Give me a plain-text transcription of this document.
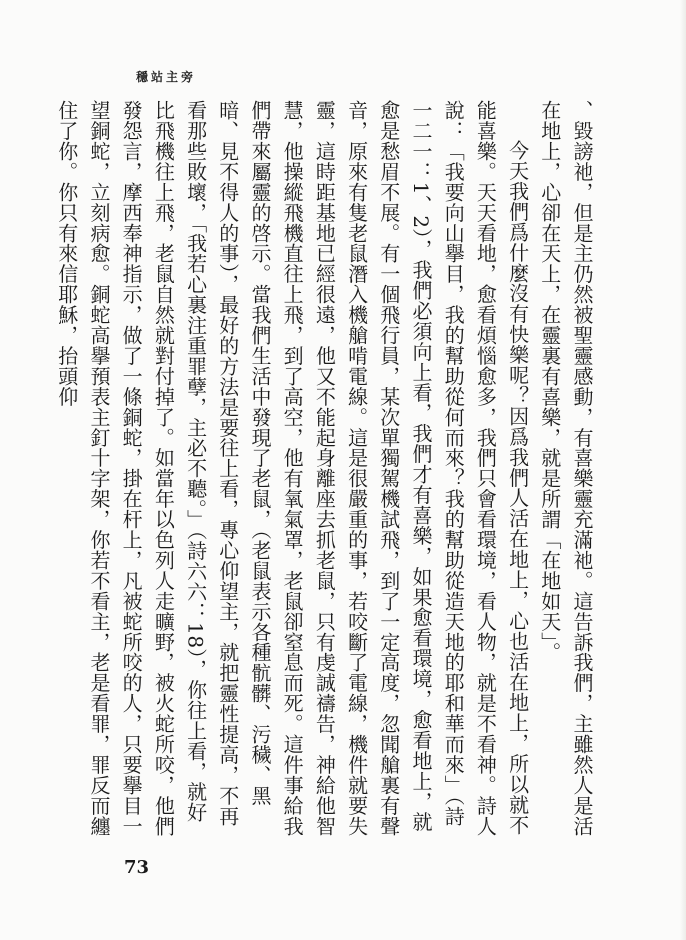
穩站主旁

、毀謗祂，但是主仍然被聖靈感動，有喜樂靈充滿祂。這告訴我們，主雖然人是活在地上，心卻在天上，在靈裏有喜樂，就是所謂「在地如天」。

今天我們爲什麼沒有快樂呢？因爲我們人活在地上，心也活在地上，所以就不能喜樂。天天看地，愈看煩惱愈多，我們只會看環境，看人物，就是不看神。詩人說：「我要向山擧目，我的幫助從何而來？我的幫助從造天地的耶和華而來」（詩一二一：1、2），我們必須向上看，我們才有喜樂，如果愈看環境，愈看地上，就愈是愁眉不展。有一個飛行員，某次單獨駕機試飛，到了一定高度，忽聞艙裏有聲音，原來有隻老鼠潛入機艙啃電線。這是很嚴重的事，若咬斷了電線，機件就要失靈，這時距基地已經很遠，他又不能起身離座去抓老鼠，只有虔誠禱告，神給他智慧，他操縱飛機直往上飛，到了高空，他有氧氣罩，老鼠卻窒息而死。這件事給我們帶來屬靈的啓示。當我們生活中發現了老鼠，（老鼠表示各種骯髒、污穢、黑暗、見不得人的事），最好的方法是要往上看，專心仰望主，就把靈性提高，不再看那些敗壞，「我若心裏注重罪孽，主必不聽。」（詩六六：18），你往上看，就好比飛機往上飛，老鼠自然就對付掉了。如當年以色列人走曠野，被火蛇所咬，他們發怨言，摩西奉神指示，做了一條銅蛇，掛在杆上，凡被蛇所咬的人，只要擧目一望銅蛇，立刻病愈。銅蛇高擧預表主釘十字架，你若不看主，老是看罪，罪反而纏住了你。你只有來信耶穌，抬頭仰

73
